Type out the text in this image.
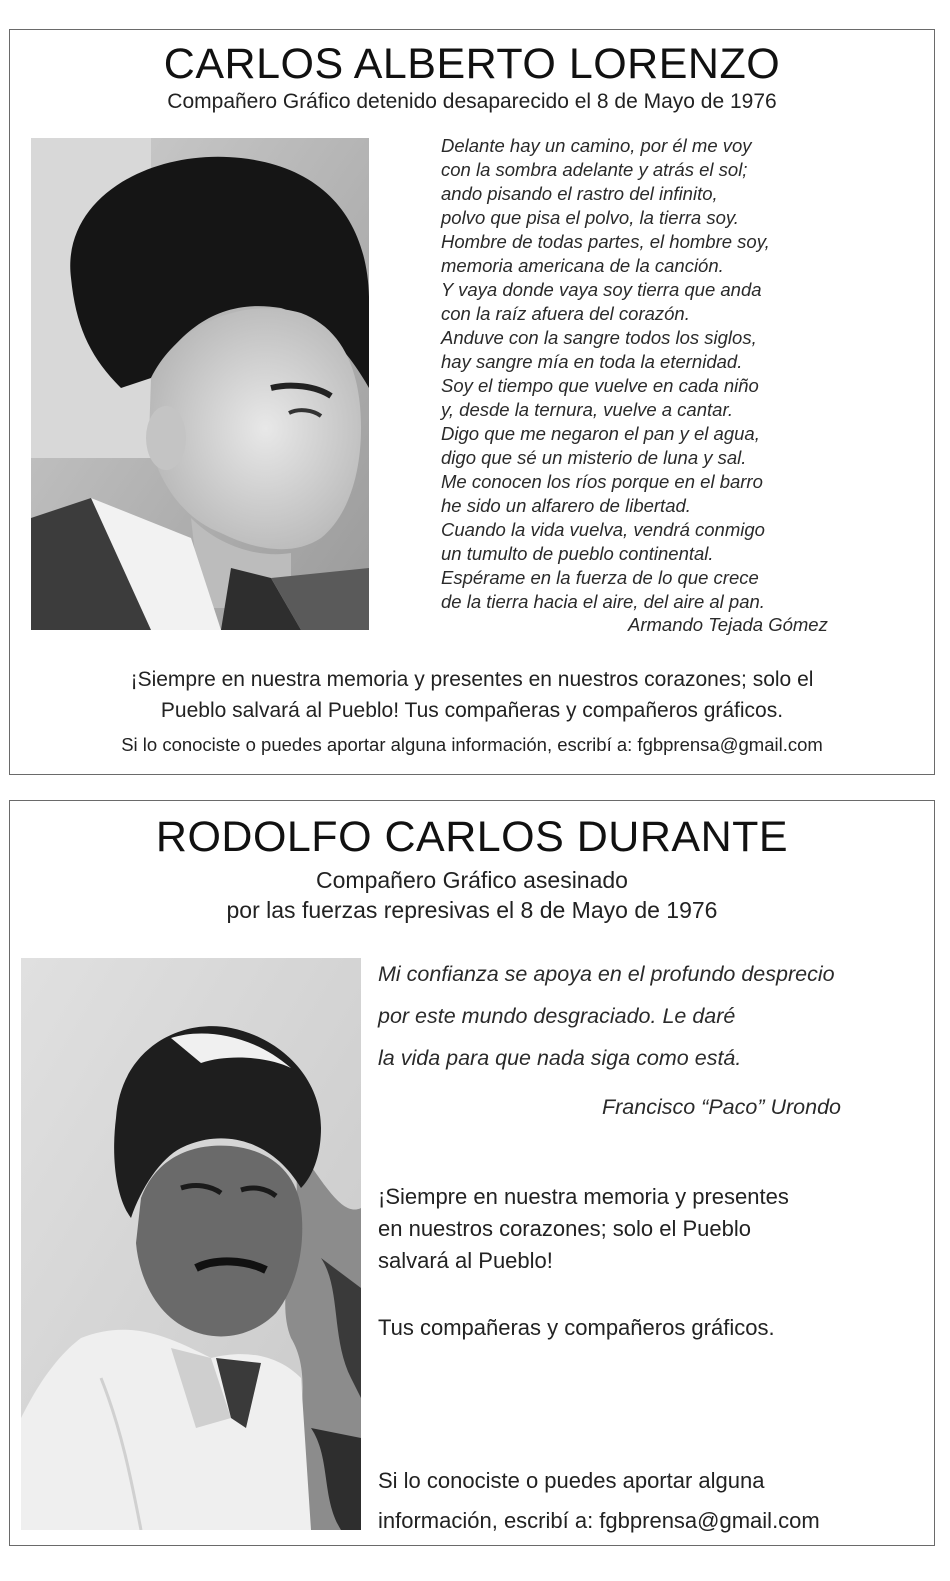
CARLOS ALBERTO LORENZO
Compañero Gráfico detenido desaparecido el 8 de Mayo de 1976
Delante hay un camino, por él me voy
con la sombra adelante y atrás el sol;
ando pisando el rastro del infinito,
polvo que pisa el polvo, la tierra soy.
Hombre de todas partes, el hombre soy,
memoria americana de la canción.
Y vaya donde vaya soy tierra que anda
con la raíz afuera del corazón.
Anduve con la sangre todos los siglos,
hay sangre mía en toda la eternidad.
Soy el tiempo que vuelve en cada niño
y, desde la ternura, vuelve a cantar.
Digo que me negaron el pan y el agua,
digo que sé un misterio de luna y sal.
Me conocen los ríos porque en el barro
he sido un alfarero de libertad.
Cuando la vida vuelva, vendrá conmigo
un tumulto de pueblo continental.
Espérame en la fuerza de lo que crece
de la tierra hacia el aire, del aire al pan.
Armando Tejada Gómez
¡Siempre en nuestra memoria y presentes en nuestros corazones; solo el
Pueblo salvará al Pueblo! Tus compañeras y compañeros gráficos.
Si lo conociste o puedes aportar alguna información, escribí a: fgbprensa@gmail.com
RODOLFO CARLOS DURANTE
Compañero Gráfico asesinado
por las fuerzas represivas el 8 de Mayo de 1976
Mi confianza se apoya en el profundo desprecio
por este mundo desgraciado. Le daré
la vida para que nada siga como está.
Francisco “Paco” Urondo
¡Siempre en nuestra memoria y presentes
en nuestros corazones; solo el Pueblo
salvará al Pueblo!
Tus compañeras y compañeros gráficos.
Si lo conociste o puedes aportar alguna
información, escribí a: fgbprensa@gmail.com
